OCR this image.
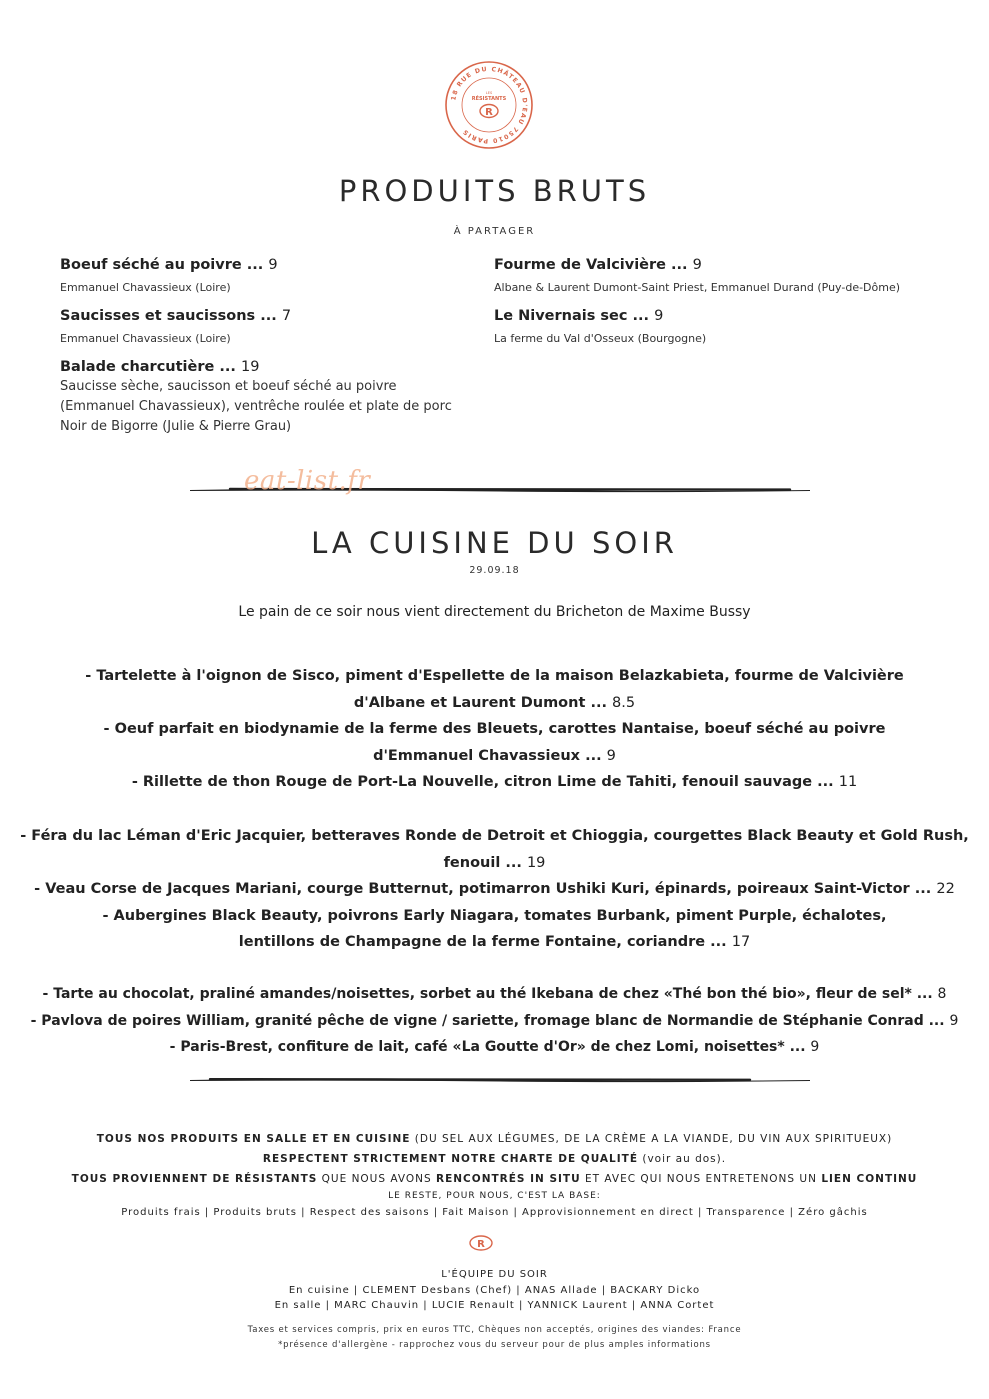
18 RUE DU CHÂTEAU D'EAU 75010 PARIS
LES
RÉSISTANTS
R
PRODUITS BRUTS
À PARTAGER
Boeuf séché au poivre ... 9
Emmanuel Chavassieux (Loire)
Saucisses et saucissons ... 7
Emmanuel Chavassieux (Loire)
Balade charcutière ... 19
Saucisse sèche, saucisson et boeuf séché au poivre
(Emmanuel Chavassieux), ventrêche roulée et plate de porc
Noir de Bigorre (Julie & Pierre Grau)
Fourme de Valcivière ... 9
Albane & Laurent Dumont-Saint Priest, Emmanuel Durand (Puy-de-Dôme)
Le Nivernais sec ... 9
La ferme du Val d'Osseux (Bourgogne)
eat-list.fr
LA CUISINE DU SOIR
29.09.18
Le pain de ce soir nous vient directement du Bricheton de Maxime Bussy
- Tartelette à l'oignon de Sisco, piment d'Espellette de la maison Belazkabieta, fourme de Valcivière
d'Albane et Laurent Dumont ... 8.5
- Oeuf parfait en biodynamie de la ferme des Bleuets, carottes Nantaise, boeuf séché au poivre
d'Emmanuel Chavassieux ... 9
- Rillette de thon Rouge de Port-La Nouvelle, citron Lime de Tahiti, fenouil sauvage ... 11
- Féra du lac Léman d'Eric Jacquier, betteraves Ronde de Detroit et Chioggia, courgettes Black Beauty et Gold Rush,
fenouil ... 19
- Veau Corse de Jacques Mariani, courge Butternut, potimarron Ushiki Kuri, épinards, poireaux Saint-Victor ... 22
- Aubergines Black Beauty, poivrons Early Niagara, tomates Burbank, piment Purple, échalotes,
lentillons de Champagne de la ferme Fontaine, coriandre ... 17
- Tarte au chocolat, praliné amandes/noisettes, sorbet au thé Ikebana de chez «Thé bon thé bio», fleur de sel* ... 8
- Pavlova de poires William, granité pêche de vigne / sariette, fromage blanc de Normandie de Stéphanie Conrad ... 9
- Paris-Brest, confiture de lait, café «La Goutte d'Or» de chez Lomi, noisettes* ... 9
TOUS NOS PRODUITS EN SALLE ET EN CUISINE (DU SEL AUX LÉGUMES, DE LA CRÈME A LA VIANDE, DU VIN AUX SPIRITUEUX)
RESPECTENT STRICTEMENT NOTRE CHARTE DE QUALITÉ (voir au dos).
TOUS PROVIENNENT DE RÉSISTANTS QUE NOUS AVONS RENCONTRÉS IN SITU ET AVEC QUI NOUS ENTRETENONS UN LIEN CONTINU
LE RESTE, POUR NOUS, C'EST LA BASE:
Produits frais | Produits bruts | Respect des saisons | Fait Maison | Approvisionnement en direct | Transparence | Zéro gâchis
R
L'ÉQUIPE DU SOIR
En cuisine | CLEMENT Desbans (Chef) | ANAS Allade | BACKARY Dicko
En salle | MARC Chauvin | LUCIE Renault | YANNICK Laurent | ANNA Cortet
Taxes et services compris, prix en euros TTC, Chèques non acceptés, origines des viandes: France
*présence d'allergène - rapprochez vous du serveur pour de plus amples informations
